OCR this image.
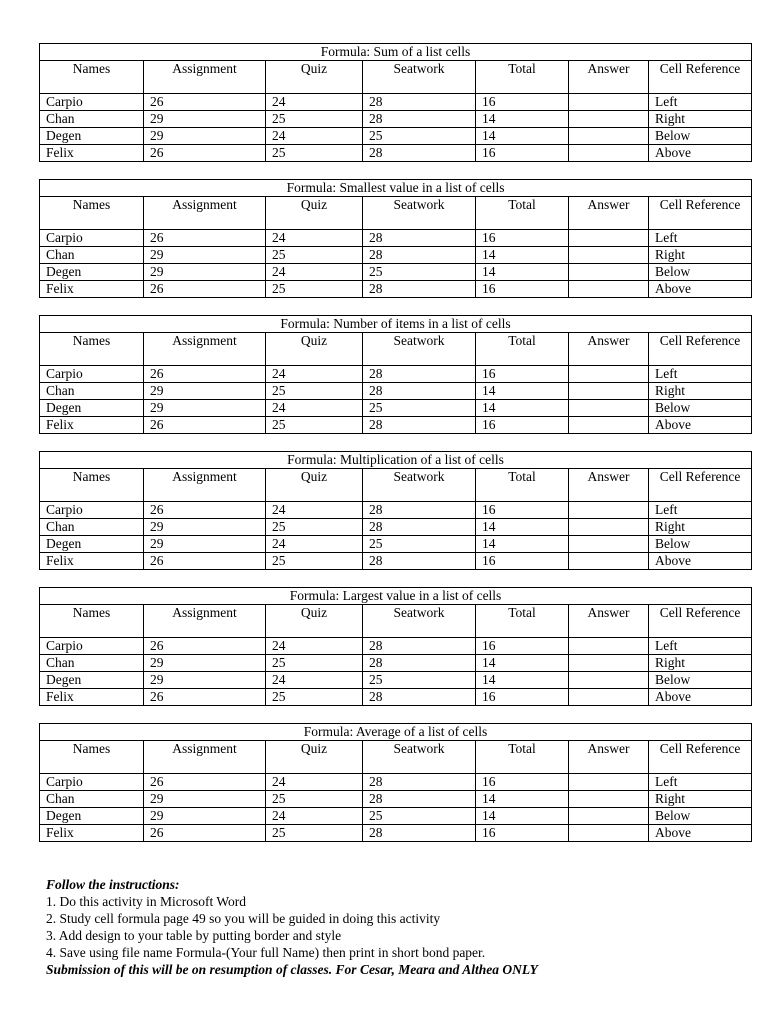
Formula: Sum of a list cells						
Names	Assignment	Quiz	Seatwork	Total	Answer	Cell Reference
Carpio	26	24	28	16		Left
Chan	29	25	28	14		Right
Degen	29	24	25	14		Below
Felix	26	25	28	16		Above
Formula: Smallest value in a list of cells						
Names	Assignment	Quiz	Seatwork	Total	Answer	Cell Reference
Carpio	26	24	28	16		Left
Chan	29	25	28	14		Right
Degen	29	24	25	14		Below
Felix	26	25	28	16		Above
Formula: Number of items in a list of cells						
Names	Assignment	Quiz	Seatwork	Total	Answer	Cell Reference
Carpio	26	24	28	16		Left
Chan	29	25	28	14		Right
Degen	29	24	25	14		Below
Felix	26	25	28	16		Above
Formula: Multiplication of a list of cells						
Names	Assignment	Quiz	Seatwork	Total	Answer	Cell Reference
Carpio	26	24	28	16		Left
Chan	29	25	28	14		Right
Degen	29	24	25	14		Below
Felix	26	25	28	16		Above
Formula: Largest value in a list of cells						
Names	Assignment	Quiz	Seatwork	Total	Answer	Cell Reference
Carpio	26	24	28	16		Left
Chan	29	25	28	14		Right
Degen	29	24	25	14		Below
Felix	26	25	28	16		Above
Formula: Average of a list of cells						
Names	Assignment	Quiz	Seatwork	Total	Answer	Cell Reference
Carpio	26	24	28	16		Left
Chan	29	25	28	14		Right
Degen	29	24	25	14		Below
Felix	26	25	28	16		Above
Follow the instructions:
1. Do this activity in Microsoft Word
2. Study cell formula page 49 so you will be guided in doing this activity
3. Add design to your table by putting border and style
4. Save using file name Formula-(Your full Name) then print in short bond paper.
Submission of this will be on resumption of classes. For Cesar, Meara and Althea ONLY
